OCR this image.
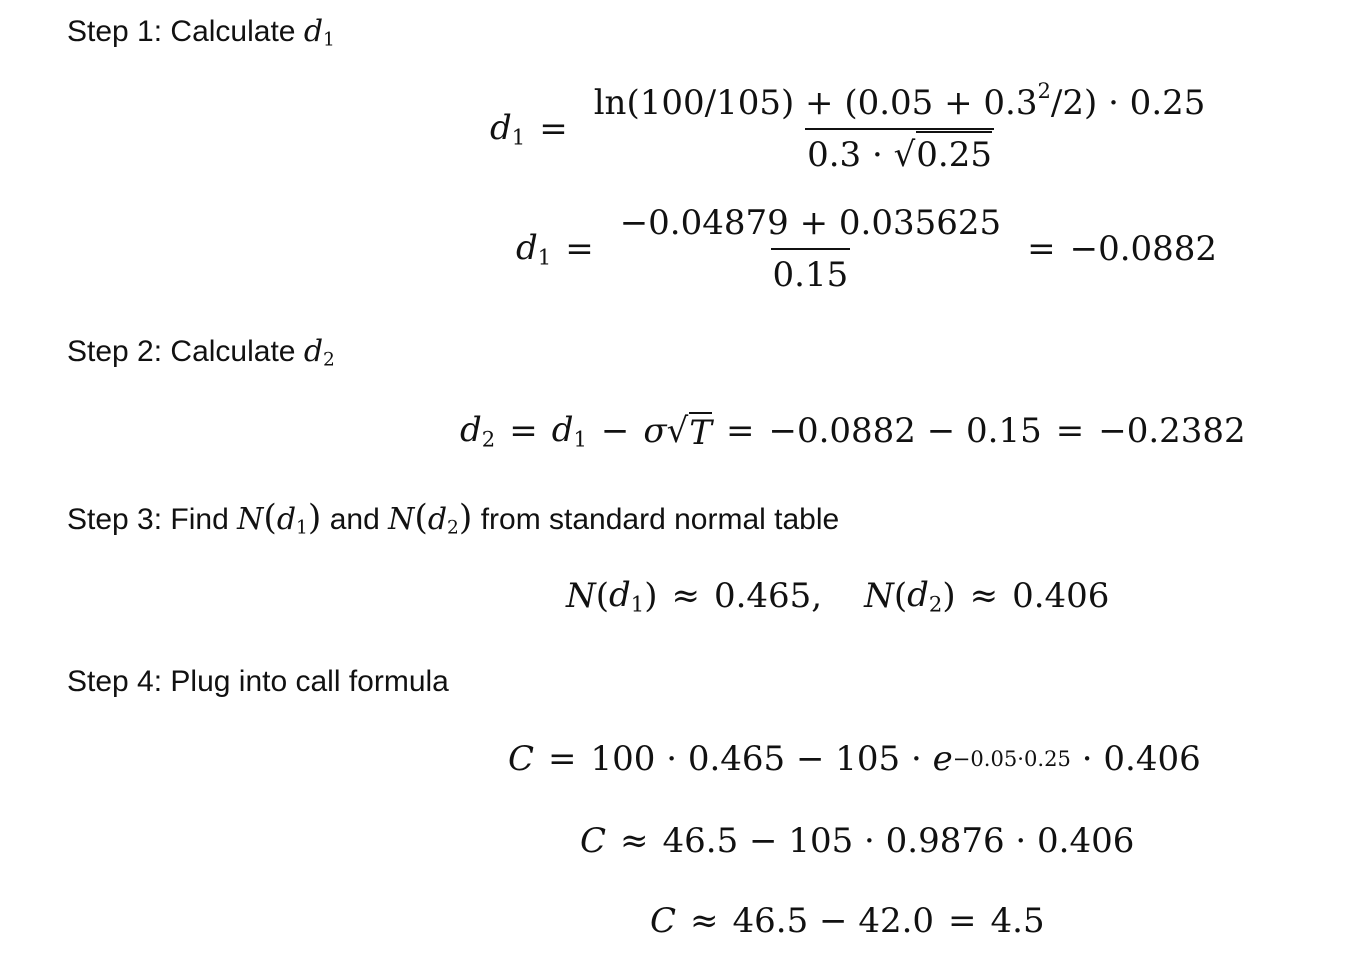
Step 1: Calculate $d_1$
$d_1 = \frac{\ln(100/105) + (0.05 + 0.3^2/2) \cdot 0.25}{0.3 \cdot √0.25}$
$d_1 = \frac{-0.04879 + 0.035625}{0.15} = -0.0882$
Step 2: Calculate $d_2$
$d_2 = d_1 - \sigma$ √ T = −0.0882 − 0.15 = −0.2382
Step 3: Find $N(d_1)$ and $N(d_2)$ from standard normal table
N ( $d_1$ ) ≈ 0.465, N ( $d_2$ ) ≈ 0.406
Step 4: Plug into call formula
C = 100 · 0.465 − 105 · e −0.05·0.25 · 0.406
C ≈ 46.5 − 105 · 0.9876 · 0.406
C ≈ 46.5 − 42.0 = 4.5
